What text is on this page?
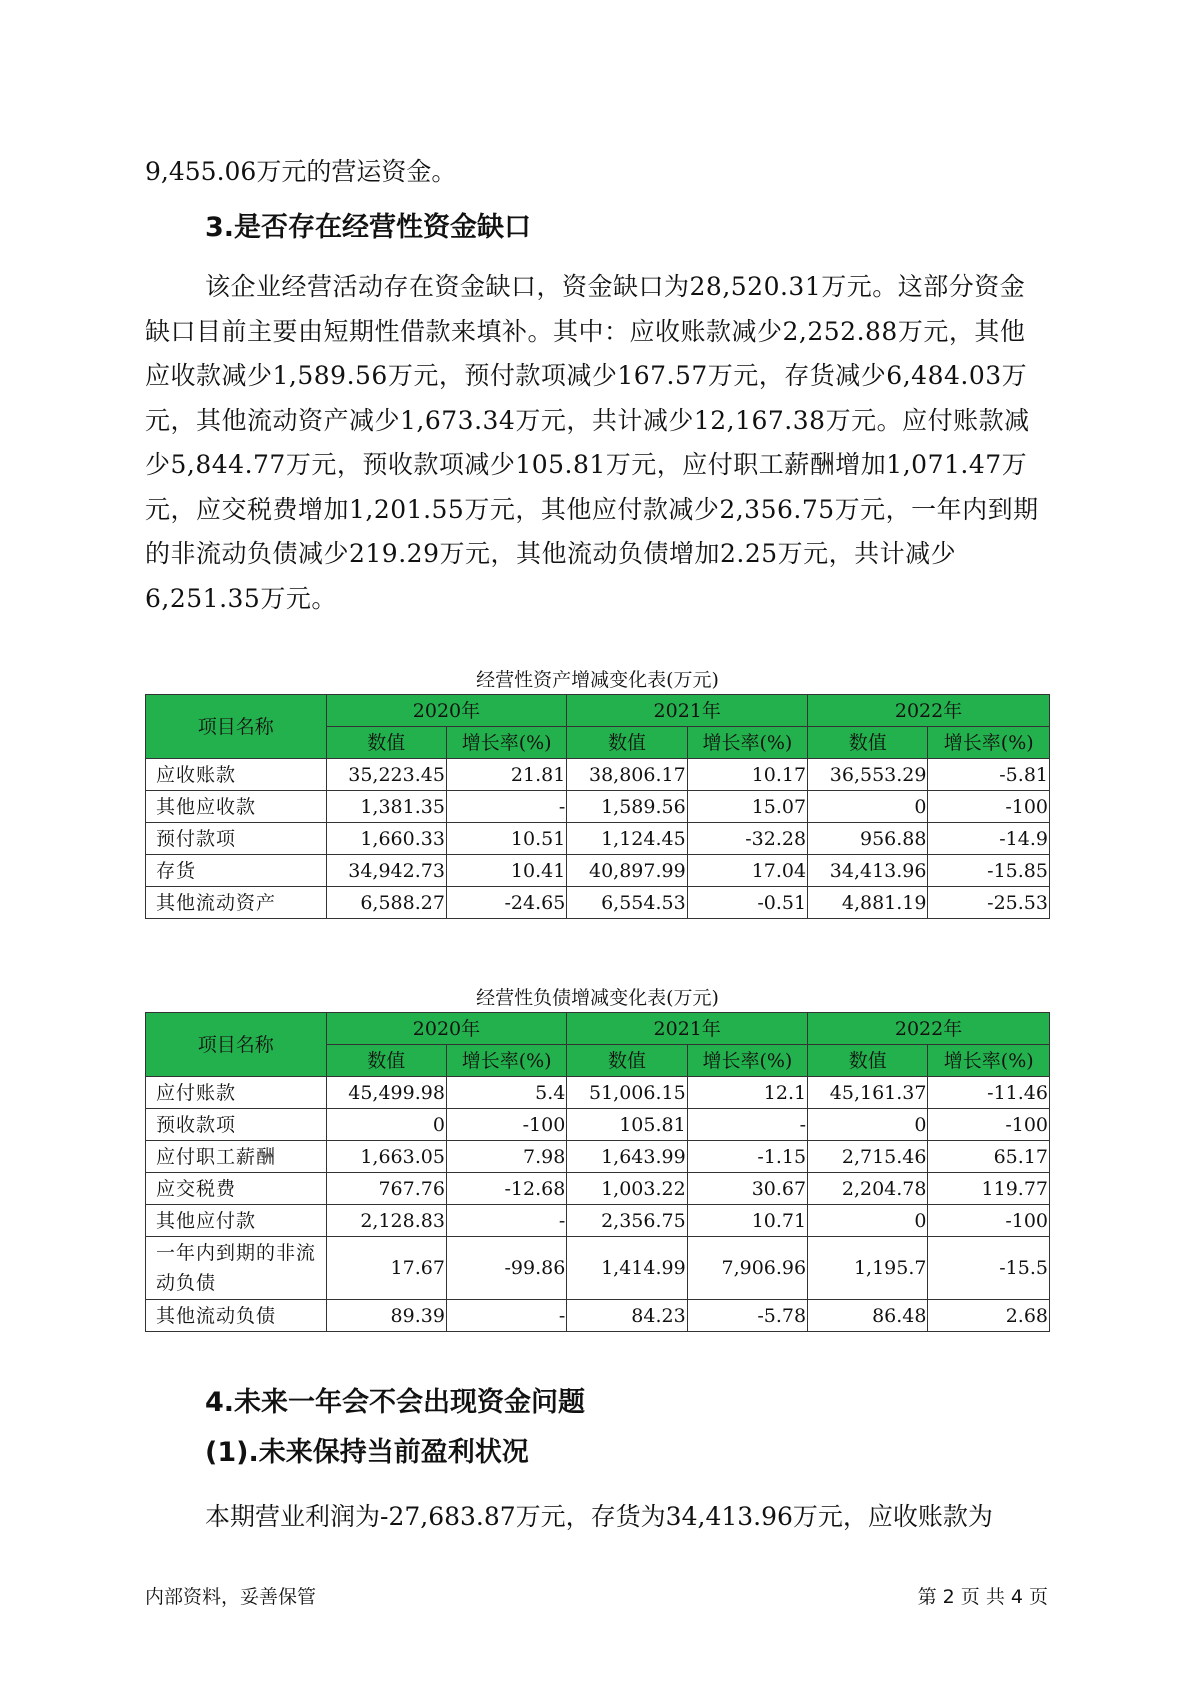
9,455.06万元的营运资金。

3.是否存在经营性资金缺口

该企业经营活动存在资金缺口，资金缺口为28,520.31万元。这部分资金缺口目前主要由短期性借款来填补。其中：应收账款减少2,252.88万元，其他应收款减少1,589.56万元，预付款项减少167.57万元，存货减少6,484.03万元，其他流动资产减少1,673.34万元，共计减少12,167.38万元。应付账款减少5,844.77万元，预收款项减少105.81万元，应付职工薪酬增加1,071.47万元，应交税费增加1,201.55万元，其他应付款减少2,356.75万元，一年内到期的非流动负债减少219.29万元，其他流动负债增加2.25万元，共计减少6,251.35万元。

经营性资产增减变化表(万元)
项目名称	2020年		2021年		2022年	
	数值	增长率(%)	数值	增长率(%)	数值	增长率(%)
应收账款	35,223.45	21.81	38,806.17	10.17	36,553.29	-5.81
其他应收款	1,381.35	-	1,589.56	15.07	0	-100
预付款项	1,660.33	10.51	1,124.45	-32.28	956.88	-14.9
存货	34,942.73	10.41	40,897.99	17.04	34,413.96	-15.85
其他流动资产	6,588.27	-24.65	6,554.53	-0.51	4,881.19	-25.53
经营性负债增减变化表(万元)
项目名称	2020年		2021年		2022年	
	数值	增长率(%)	数值	增长率(%)	数值	增长率(%)
应付账款	45,499.98	5.4	51,006.15	12.1	45,161.37	-11.46
预收款项	0	-100	105.81	-	0	-100
应付职工薪酬	1,663.05	7.98	1,643.99	-1.15	2,715.46	65.17
应交税费	767.76	-12.68	1,003.22	30.67	2,204.78	119.77
其他应付款	2,128.83	-	2,356.75	10.71	0	-100
一年内到期的非流动负债	17.67	-99.86	1,414.99	7,906.96	1,195.7	-15.5
其他流动负债	89.39	-	84.23	-5.78	86.48	2.68
4.未来一年会不会出现资金问题
(1).未来保持当前盈利状况

本期营业利润为-27,683.87万元，存货为34,413.96万元，应收账款为

内部资料，妥善保管	第 2 页 共 4 页
